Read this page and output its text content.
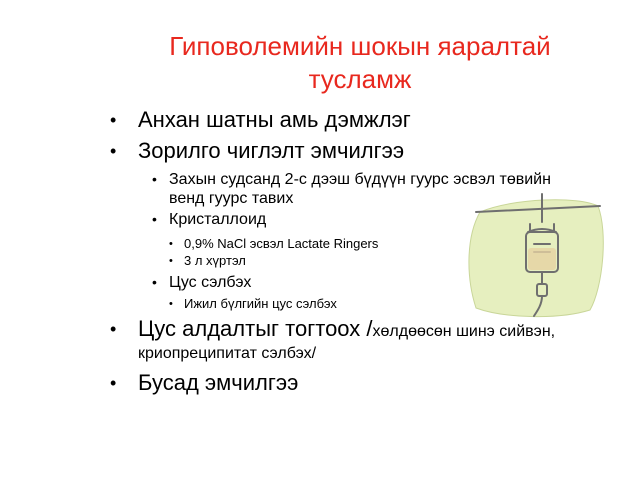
Гиповолемийн шокын яаралтай
тусламж
• Анхан шатны амь дэмжлэг
• Зорилго чиглэлт эмчилгээ
• Захын судсанд 2-с дээш бүдүүн гуурс эсвэл төвийн
венд гуурс тавих
• Кристаллоид
• 0,9% NaCl эсвэл Lactate Ringers
• 3 л хүртэл
• Цус сэлбэх
• Ижил бүлгийн цус сэлбэх
• Цус алдалтыг тогтоох /хөлдөөсөн шинэ сийвэн,
криопреципитат сэлбэх/
• Бусад эмчилгээ
